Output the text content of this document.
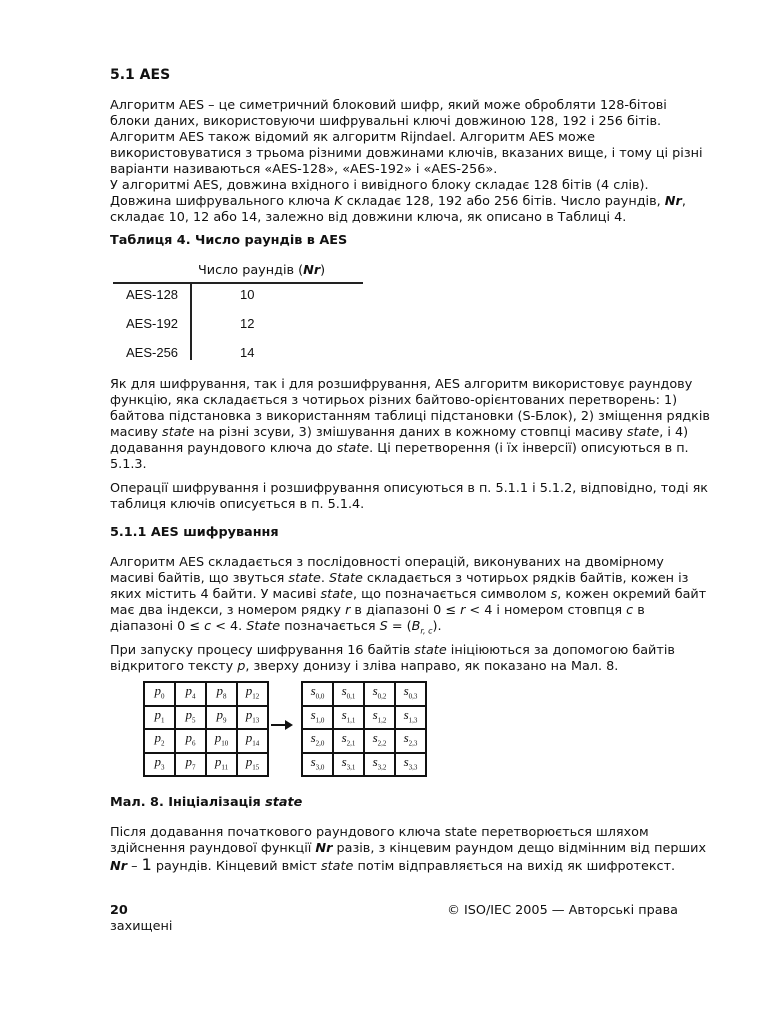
5.1 AES

Алгоритм AES – це симетричний блоковий шифр, який може обробляти 128-бітові блоки даних, використовуючи шифрувальні ключі довжиною 128, 192 і 256 бітів. Алгоритм AES також відомий як алгоритм Rijndael. Алгоритм AES може використовуватися з трьома різними довжинами ключів, вказаних вище, і тому ці різні варіанти називаються «AES-128», «AES-192» і «AES-256».
У алгоритмі AES, довжина вхідного і вивідного блоку складає 128 бітів (4 слів). Довжина шифрувального ключа K складає 128, 192 або 256 бітів. Число раундів, Nr, складає 10, 12 або 14, залежно від довжини ключа, як описано в Таблиці 4.

Таблиця 4. Число раундів в AES
Число раундів (Nr)
AES-128	10
AES-192	12
AES-256	14

Як для шифрування, так і для розшифрування, AES алгоритм використовує раундову функцію, яка складається з чотирьох різних байтово-орієнтованих перетворень: 1) байтова підстановка з використанням таблиці підстановки (S-Блок), 2) зміщення рядків масиву state на різні зсуви, 3) змішування даних в кожному стовпці масиву state, і 4) додавання раундового ключа до state. Ці перетворення (і їх інверсії) описуються в п. 5.1.3.

Операції шифрування і розшифрування описуються в п. 5.1.1 і 5.1.2, відповідно, тоді як таблиця ключів описується в п. 5.1.4.

5.1.1 AES шифрування

Алгоритм AES складається з послідовності операцій, виконуваних на двомірному масиві байтів, що звуться state. State складається з чотирьох рядків байтів, кожен із яких містить 4 байти. У масиві state, що позначається символом s, кожен окремий байт має два індекси, з номером рядку r в діапазоні 0 ≤ r < 4 і номером стовпця c в діапазоні 0 ≤ c < 4. State позначається $S = (B_{r, c})$.

При запуску процесу шифрування 16 байтів state ініціюються за допомогою байтів відкритого тексту p, зверху донизу і зліва направо, як показано на Мал. 8.

$p_0$	$p_4$	$p_8$	$p_{12}$
$p_1$	$p_5$	$p_9$	$p_{13}$
$p_2$	$p_6$	$p_{10}$	$p_{14}$
$p_3$	$p_7$	$p_{11}$	$p_{15}$
$s_{0,0}$	$s_{0,1}$	$s_{0,2}$	$s_{0,3}$
$s_{1,0}$	$s_{1,1}$	$s_{1,2}$	$s_{1,3}$
$s_{2,0}$	$s_{2,1}$	$s_{2,2}$	$s_{2,3}$
$s_{3,0}$	$s_{3,1}$	$s_{3,2}$	$s_{3,3}$
Мал. 8. Ініціалізація state

Після додавання початкового раундового ключа state перетворюється шляхом здійснення раундової функції Nr разів, з кінцевим раундом дещо відмінним від перших Nr – 1 раундів. Кінцевий вміст state потім відправляється на вихід як шифротекст.

20	© ISO/IEC 2005 — Авторські права
захищені
